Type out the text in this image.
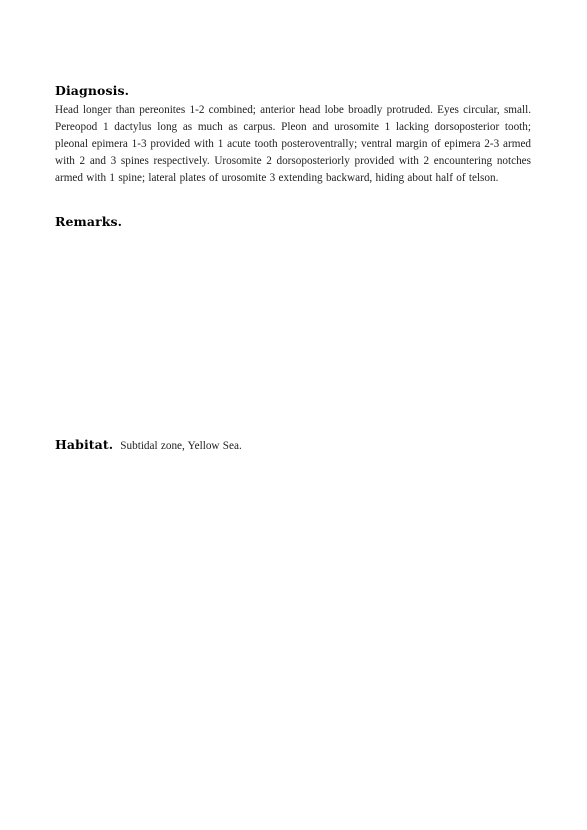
Diagnosis.
Head longer than pereonites 1-2 combined; anterior head lobe broadly protruded. Eyes circular, small. Pereopod 1 dactylus long as much as carpus. Pleon and urosomite 1 lacking dorsoposterior tooth; pleonal epimera 1-3 provided with 1 acute tooth posteroventrally; ventral margin of epimera 2-3 armed with 2 and 3 spines respectively. Urosomite 2 dorsoposteriorly provided with 2 encountering notches armed with 1 spine; lateral plates of urosomite 3 extending backward, hiding about half of telson.
Remarks.
Habitat. Subtidal zone, Yellow Sea.
